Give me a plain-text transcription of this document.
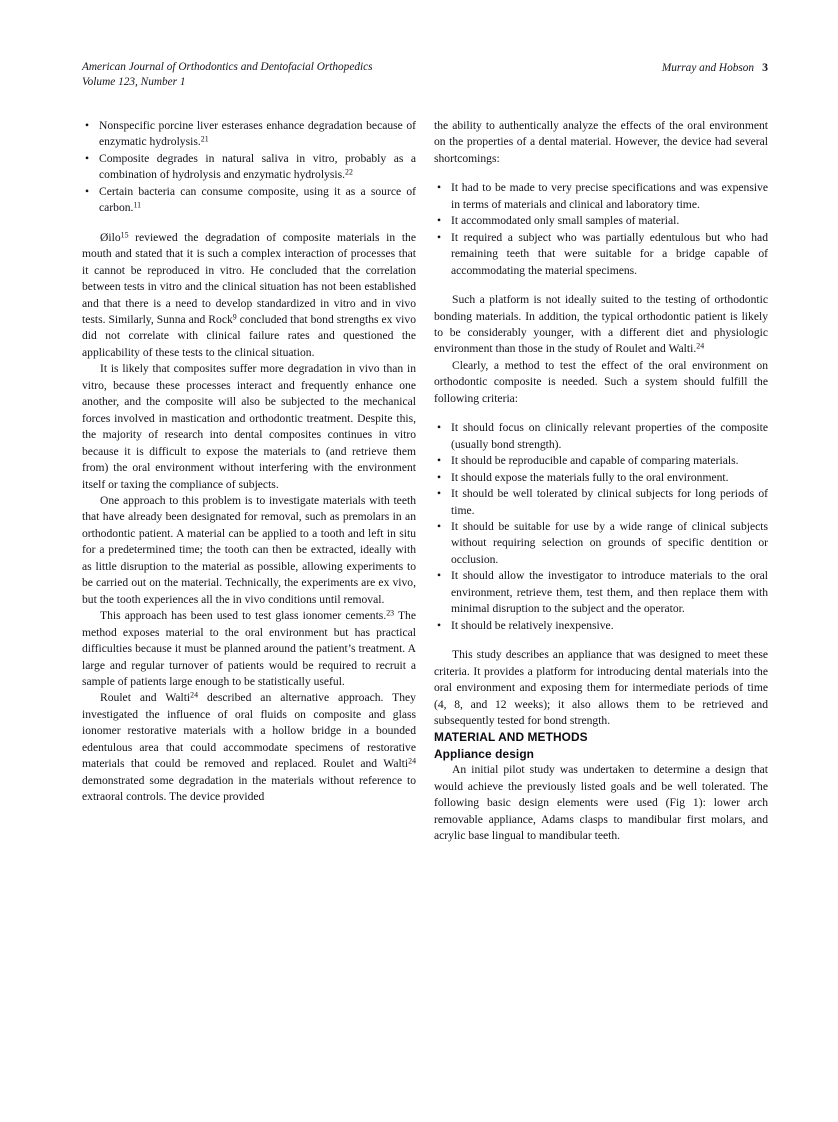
American Journal of Orthodontics and Dentofacial Orthopedics
Volume 123, Number 1
Murray and Hobson 3
• Nonspecific porcine liver esterases enhance degradation because of enzymatic hydrolysis.$^{21}$
• Composite degrades in natural saliva in vitro, probably as a combination of hydrolysis and enzymatic hydrolysis.$^{22}$
• Certain bacteria can consume composite, using it as a source of carbon.$^{11}$

Øilo$^{15}$ reviewed the degradation of composite materials in the mouth and stated that it is such a complex interaction of processes that it cannot be reproduced in vitro. He concluded that the correlation between tests in vitro and the clinical situation has not been established and that there is a need to develop standardized in vitro and in vivo tests. Similarly, Sunna and Rock$^9$ concluded that bond strengths ex vivo did not correlate with clinical failure rates and questioned the applicability of these tests to the clinical situation.

It is likely that composites suffer more degradation in vivo than in vitro, because these processes interact and frequently enhance one another, and the composite will also be subjected to the mechanical forces involved in mastication and orthodontic treatment. Despite this, the majority of research into dental composites continues in vitro because it is difficult to expose the materials to (and retrieve them from) the oral environment without interfering with the environment itself or taxing the compliance of subjects.

One approach to this problem is to investigate materials with teeth that have already been designated for removal, such as premolars in an orthodontic patient. A material can be applied to a tooth and left in situ for a predetermined time; the tooth can then be extracted, ideally with as little disruption to the material as possible, allowing experiments to be carried out on the material. Technically, the experiments are ex vivo, but the tooth experiences all the in vivo conditions until removal.

This approach has been used to test glass ionomer cements.$^{23}$ The method exposes material to the oral environment but has practical difficulties because it must be planned around the patient’s treatment. A large and regular turnover of patients would be required to recruit a sample of patients large enough to be statistically useful.

Roulet and Walti$^{24}$ described an alternative approach. They investigated the influence of oral fluids on composite and glass ionomer restorative materials with a hollow bridge in a bounded edentulous area that could accommodate specimens of restorative materials that could be removed and replaced. Roulet and Walti$^{24}$ demonstrated some degradation in the materials without reference to extraoral controls. The device provided

the ability to authentically analyze the effects of the oral environment on the properties of a dental material. However, the device had several shortcomings:

• It had to be made to very precise specifications and was expensive in terms of materials and clinical and laboratory time.
• It accommodated only small samples of material.
• It required a subject who was partially edentulous but who had remaining teeth that were suitable for a bridge capable of accommodating the material specimens.

Such a platform is not ideally suited to the testing of orthodontic bonding materials. In addition, the typical orthodontic patient is likely to be considerably younger, with a different diet and physiologic environment than those in the study of Roulet and Walti.$^{24}$

Clearly, a method to test the effect of the oral environment on orthodontic composite is needed. Such a system should fulfill the following criteria:

• It should focus on clinically relevant properties of the composite (usually bond strength).
• It should be reproducible and capable of comparing materials.
• It should expose the materials fully to the oral environment.
• It should be well tolerated by clinical subjects for long periods of time.
• It should be suitable for use by a wide range of clinical subjects without requiring selection on grounds of specific dentition or occlusion.
• It should allow the investigator to introduce materials to the oral environment, retrieve them, test them, and then replace them with minimal disruption to the subject and the operator.
• It should be relatively inexpensive.

This study describes an appliance that was designed to meet these criteria. It provides a platform for introducing dental materials into the oral environment and exposing them for intermediate periods of time (4, 8, and 12 weeks); it also allows them to be retrieved and subsequently tested for bond strength.

MATERIAL AND METHODS
Appliance design

An initial pilot study was undertaken to determine a design that would achieve the previously listed goals and be well tolerated. The following basic design elements were used (Fig 1): lower arch removable appliance, Adams clasps to mandibular first molars, and acrylic base lingual to mandibular teeth.
